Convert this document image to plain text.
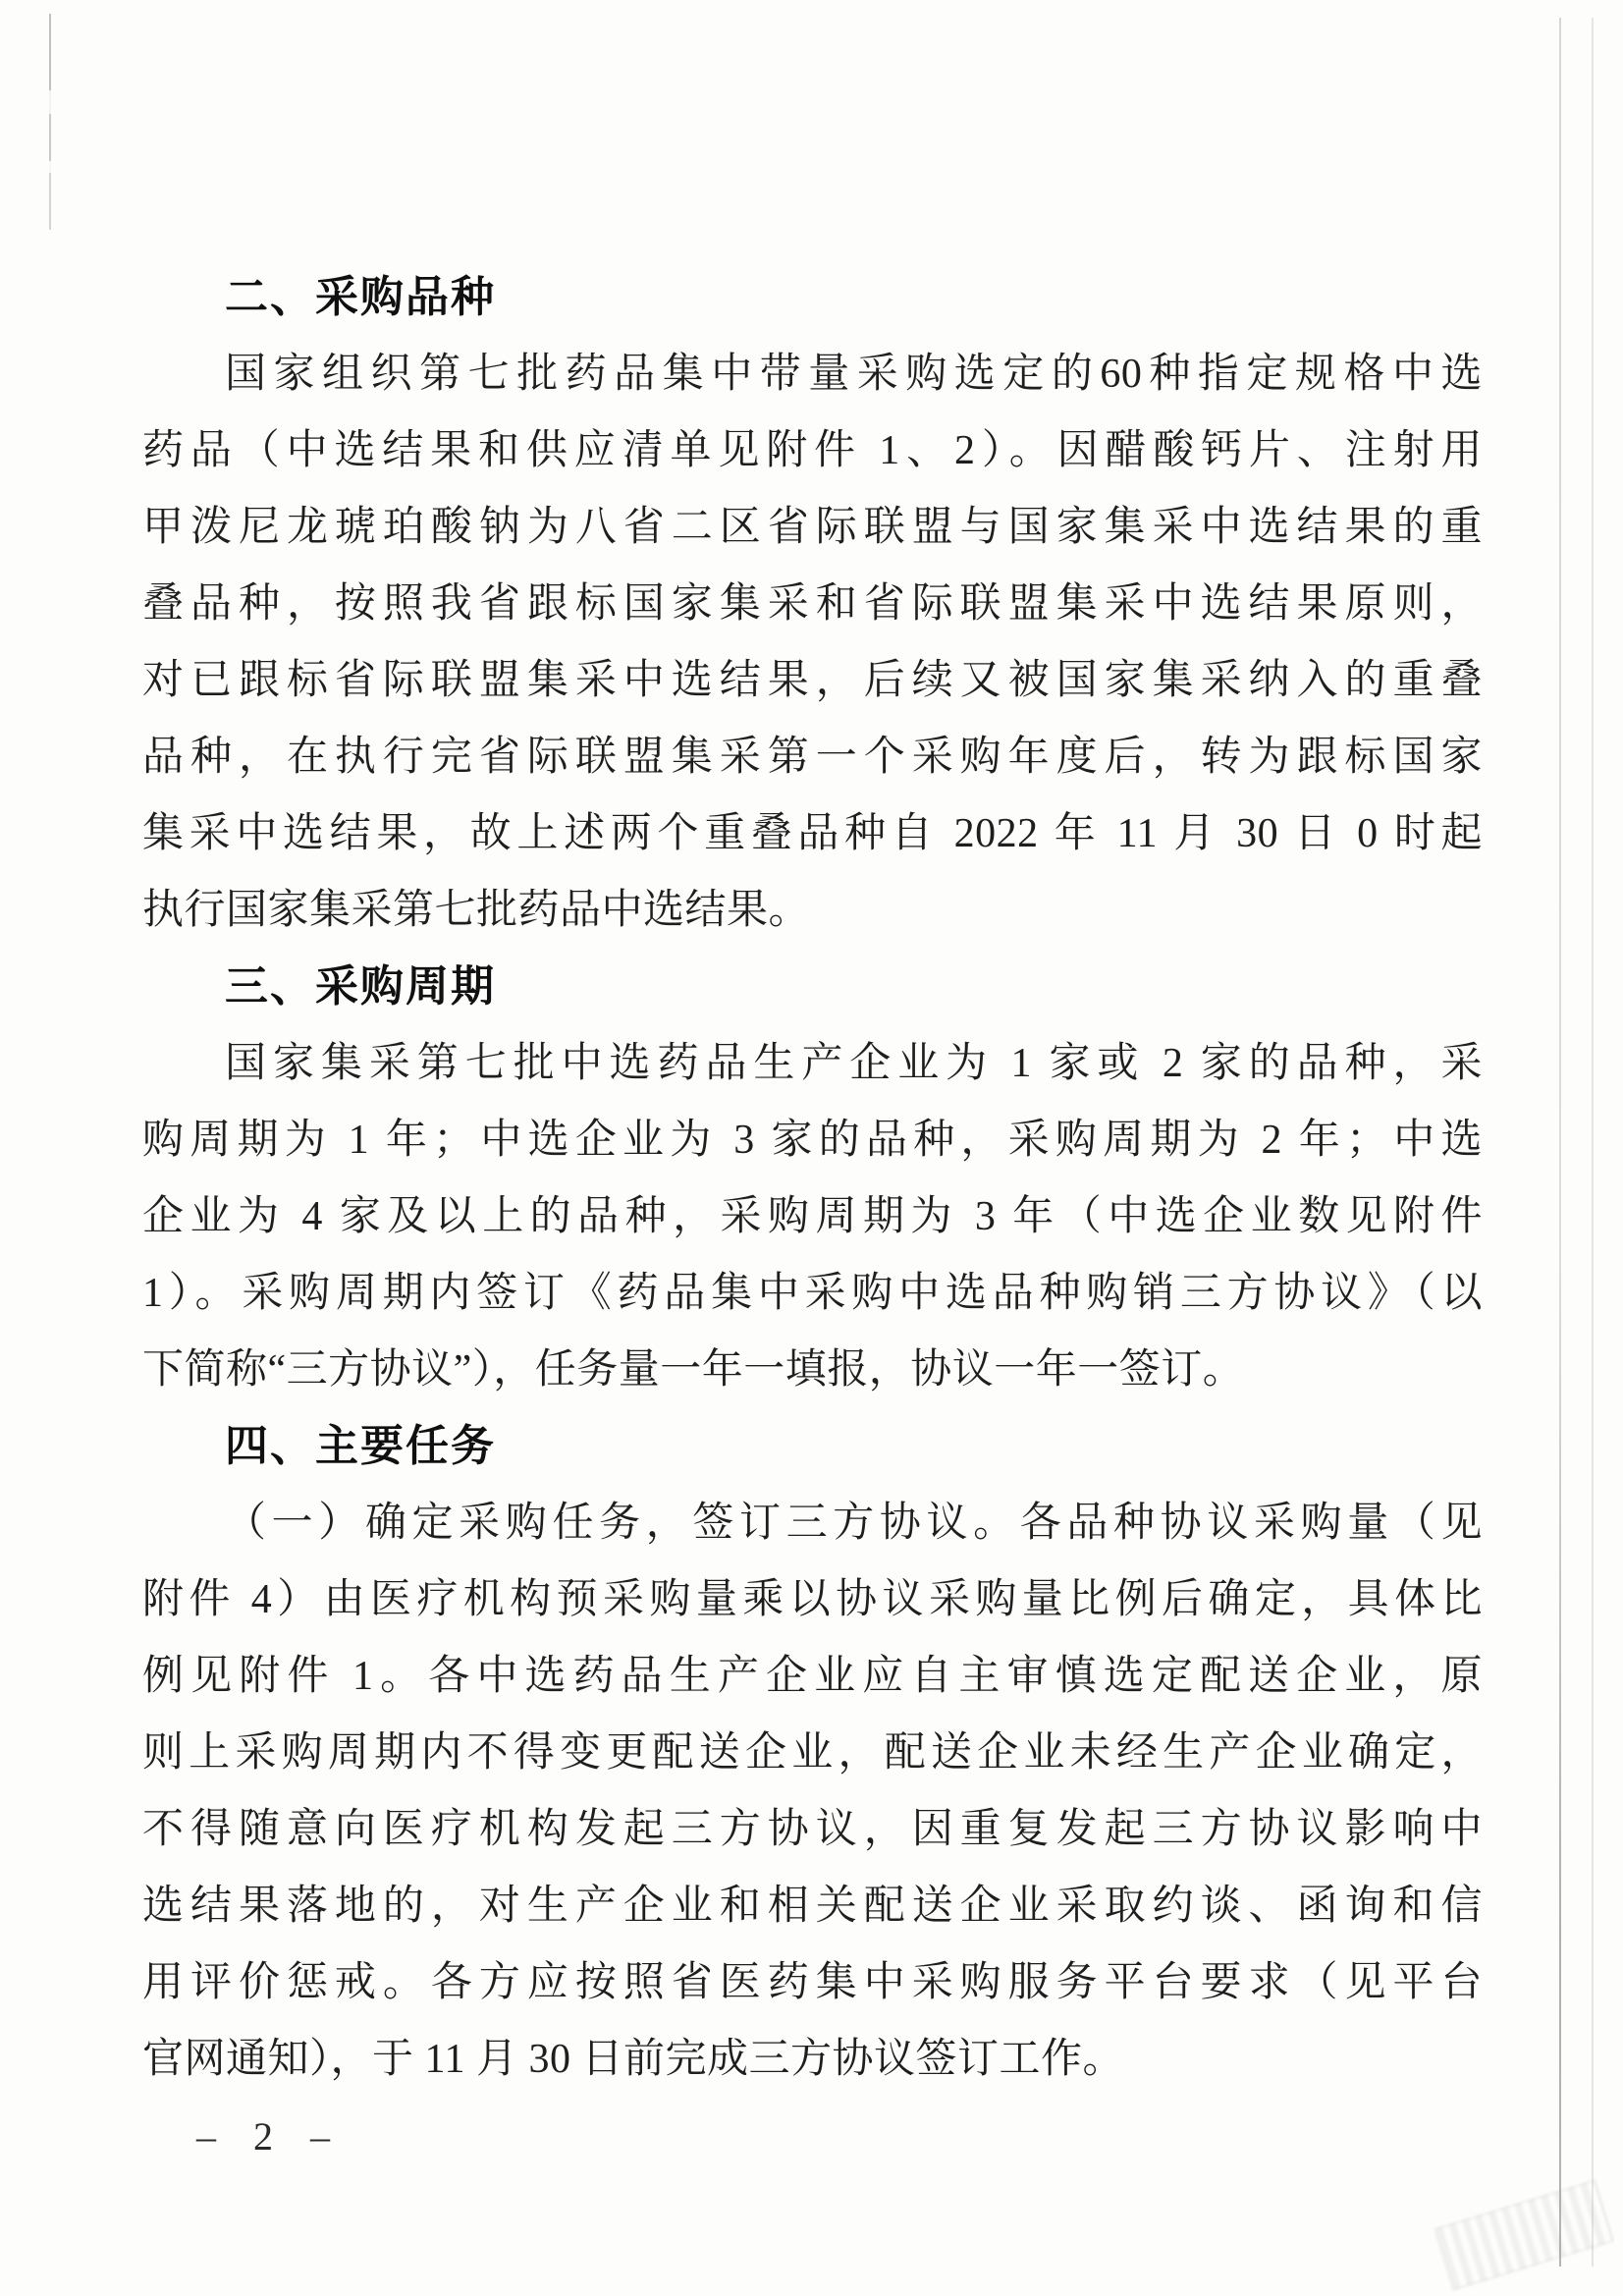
二、采购品种
国家组织第七批药品集中带量采购选定的60种指定规格中选
药品（中选结果和供应清单见附件 1、2）。因醋酸钙片、注射用
甲泼尼龙琥珀酸钠为八省二区省际联盟与国家集采中选结果的重
叠品种，按照我省跟标国家集采和省际联盟集采中选结果原则，
对已跟标省际联盟集采中选结果，后续又被国家集采纳入的重叠
品种，在执行完省际联盟集采第一个采购年度后，转为跟标国家
集采中选结果，故上述两个重叠品种自 2022 年 11 月 30 日 0 时起
执行国家集采第七批药品中选结果。
三、采购周期
国家集采第七批中选药品生产企业为 1 家或 2 家的品种，采
购周期为 1 年；中选企业为 3 家的品种，采购周期为 2 年；中选
企业为 4 家及以上的品种，采购周期为 3 年（中选企业数见附件
1）。采购周期内签订《药品集中采购中选品种购销三方协议》（以
下简称“三方协议”），任务量一年一填报，协议一年一签订。
四、主要任务
（一）确定采购任务，签订三方协议。各品种协议采购量（见
附件 4）由医疗机构预采购量乘以协议采购量比例后确定，具体比
例见附件 1。各中选药品生产企业应自主审慎选定配送企业，原
则上采购周期内不得变更配送企业，配送企业未经生产企业确定，
不得随意向医疗机构发起三方协议，因重复发起三方协议影响中
选结果落地的，对生产企业和相关配送企业采取约谈、函询和信
用评价惩戒。各方应按照省医药集中采购服务平台要求（见平台
官网通知），于 11 月 30 日前完成三方协议签订工作。
– 2 –
